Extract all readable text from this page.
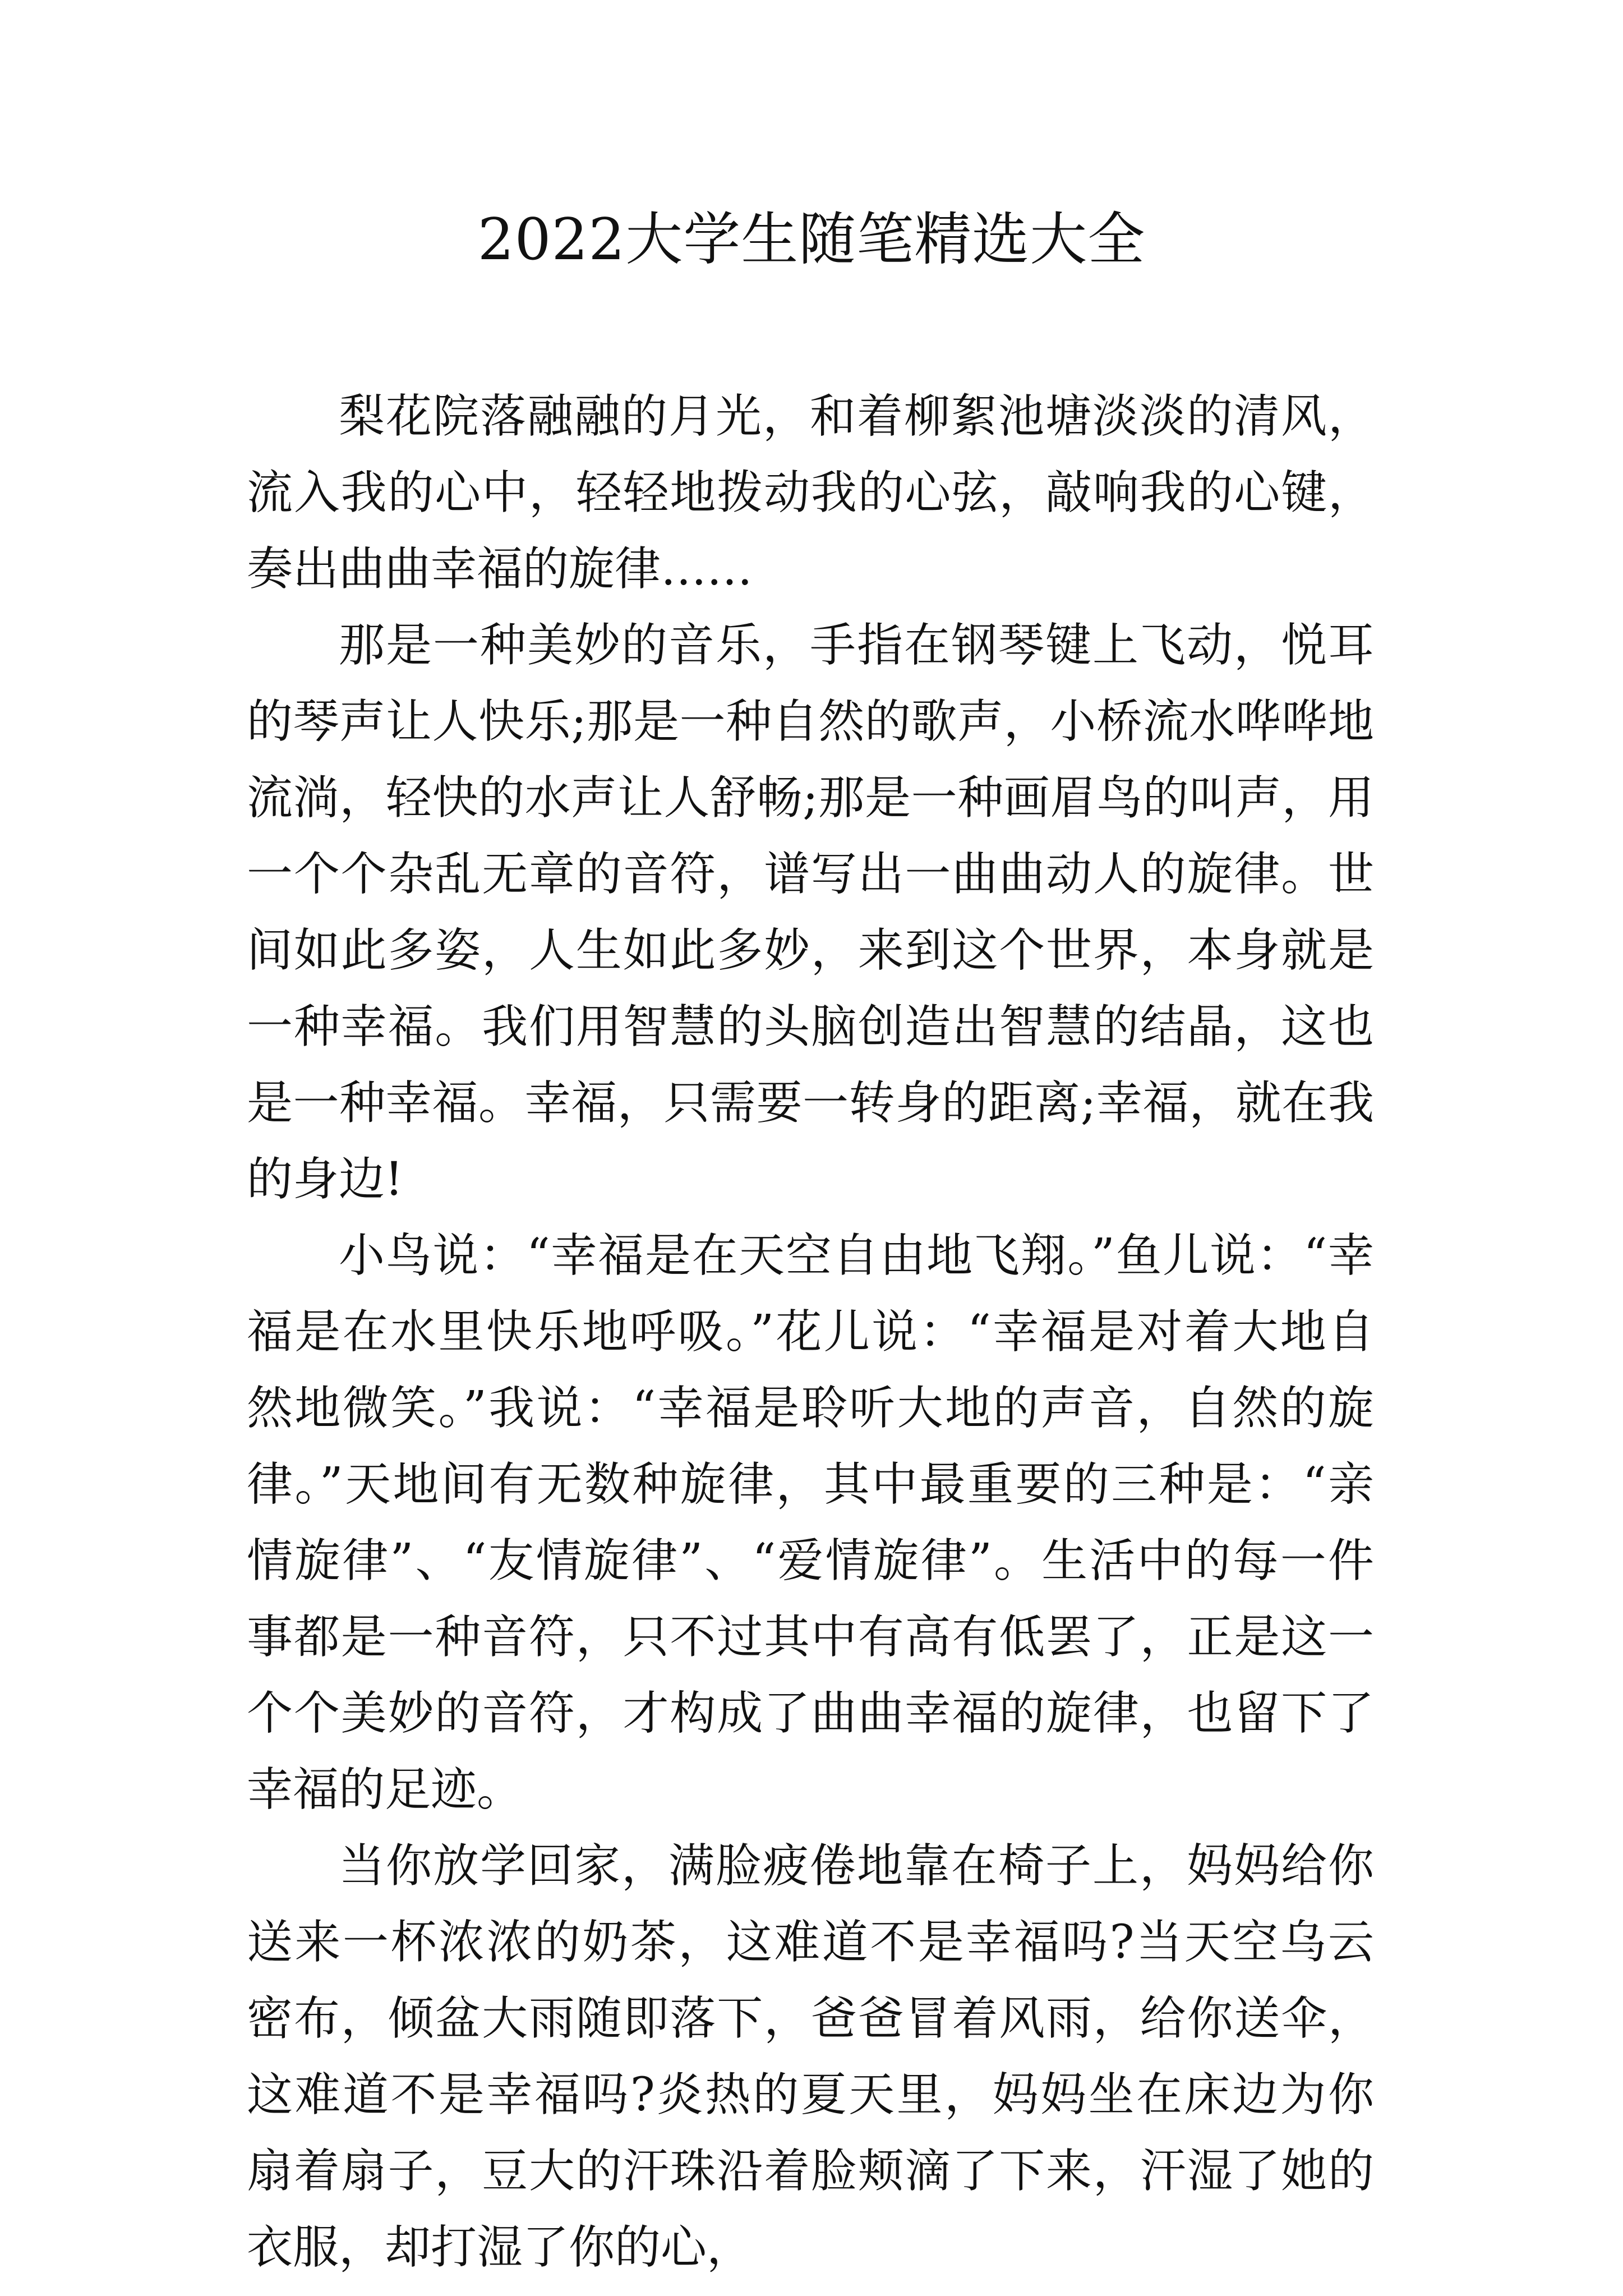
2022大学生随笔精选大全

梨花院落融融的月光，和着柳絮池塘淡淡的清风，流入我的心中，轻轻地拨动我的心弦，敲响我的心键，奏出曲曲幸福的旋律……

那是一种美妙的音乐，手指在钢琴键上飞动，悦耳的琴声让人快乐;那是一种自然的歌声，小桥流水哗哗地流淌，轻快的水声让人舒畅;那是一种画眉鸟的叫声，用一个个杂乱无章的音符，谱写出一曲曲动人的旋律。世间如此多姿，人生如此多妙，来到这个世界，本身就是一种幸福。我们用智慧的头脑创造出智慧的结晶，这也是一种幸福。幸福，只需要一转身的距离;幸福，就在我的身边!

小鸟说：“幸福是在天空自由地飞翔。”鱼儿说：“幸福是在水里快乐地呼吸。”花儿说：“幸福是对着大地自然地微笑。”我说：“幸福是聆听大地的声音，自然的旋律。”天地间有无数种旋律，其中最重要的三种是：“亲情旋律”、“友情旋律”、“爱情旋律”。生活中的每一件事都是一种音符，只不过其中有高有低罢了，正是这一个个美妙的音符，才构成了曲曲幸福的旋律，也留下了幸福的足迹。

当你放学回家，满脸疲倦地靠在椅子上，妈妈给你送来一杯浓浓的奶茶，这难道不是幸福吗?当天空乌云密布，倾盆大雨随即落下，爸爸冒着风雨，给你送伞，这难道不是幸福吗?炎热的夏天里，妈妈坐在床边为你扇着扇子，豆大的汗珠沿着脸颊滴了下来，汗湿了她的衣服，却打湿了你的心，
